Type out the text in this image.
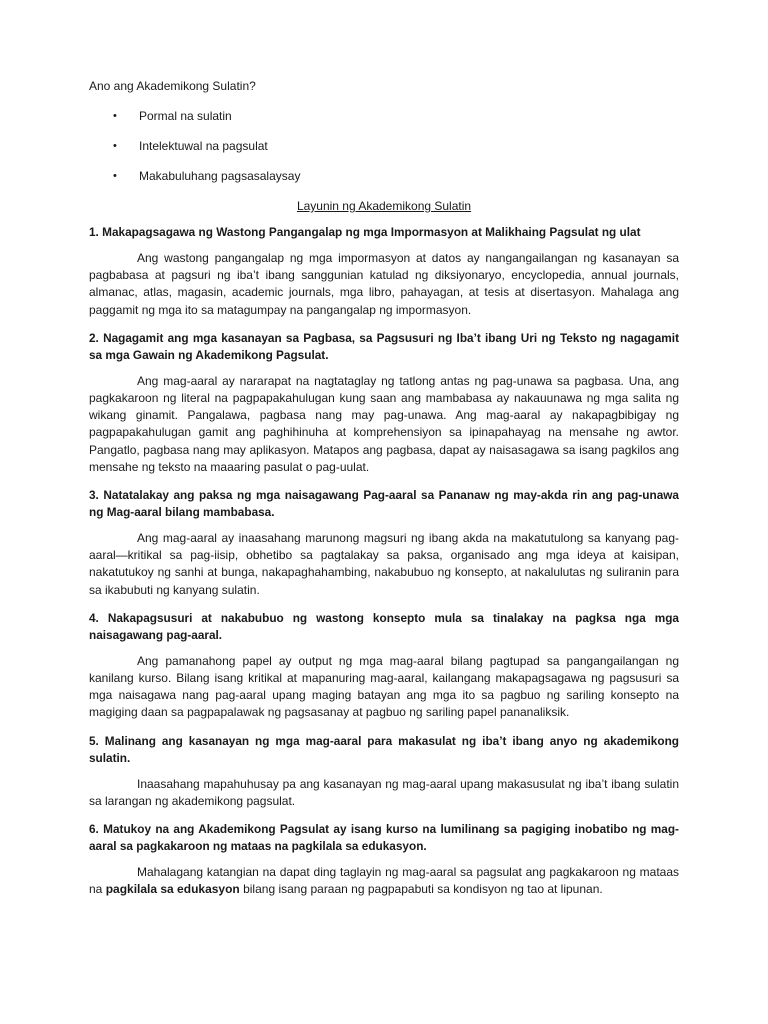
Ano ang Akademikong Sulatin?

•	Pormal na sulatin
•	Intelektuwal na pagsulat
•	Makabuluhang pagsasalaysay

Layunin ng Akademikong Sulatin

1. Makapagsagawa ng Wastong Pangangalap ng mga Impormasyon at Malikhaing Pagsulat ng ulat

Ang wastong pangangalap ng mga impormasyon at datos ay nangangailangan ng kasanayan sa pagbabasa at pagsuri ng iba’t ibang sanggunian katulad ng diksiyonaryo, encyclopedia, annual journals, almanac, atlas, magasin, academic journals, mga libro, pahayagan, at tesis at disertasyon. Mahalaga ang paggamit ng mga ito sa matagumpay na pangangalap ng impormasyon.

2. Nagagamit ang mga kasanayan sa Pagbasa, sa Pagsusuri ng Iba’t ibang Uri ng Teksto ng nagagamit sa mga Gawain ng Akademikong Pagsulat.

Ang mag-aaral ay nararapat na nagtataglay ng tatlong antas ng pag-unawa sa pagbasa. Una, ang pagkakaroon ng literal na pagpapakahulugan kung saan ang mambabasa ay nakauunawa ng mga salita ng wikang ginamit. Pangalawa, pagbasa nang may pag-unawa. Ang mag-aaral ay nakapagbibigay ng pagpapakahulugan gamit ang paghihinuha at komprehensiyon sa ipinapahayag na mensahe ng awtor. Pangatlo, pagbasa nang may aplikasyon. Matapos ang pagbasa, dapat ay naisasagawa sa isang pagkilos ang mensahe ng teksto na maaaring pasulat o pag-uulat.

3. Natatalakay ang paksa ng mga naisagawang Pag-aaral sa Pananaw ng may-akda rin ang pag-unawa ng Mag-aaral bilang mambabasa.

Ang mag-aaral ay inaasahang marunong magsuri ng ibang akda na makatutulong sa kanyang pag-aaral—kritikal sa pag-iisip, obhetibo sa pagtalakay sa paksa, organisado ang mga ideya at kaisipan, nakatutukoy ng sanhi at bunga, nakapaghahambing, nakabubuo ng konsepto, at nakalulutas ng suliranin para sa ikabubuti ng kanyang sulatin.

4. Nakapagsusuri at nakabubuo ng wastong konsepto mula sa tinalakay na pagksa nga mga naisagawang pag-aaral.

Ang pamanahong papel ay output ng mga mag-aaral bilang pagtupad sa pangangailangan ng kanilang kurso. Bilang isang kritikal at mapanuring mag-aaral, kailangang makapagsagawa ng pagsusuri sa mga naisagawa nang pag-aaral upang maging batayan ang mga ito sa pagbuo ng sariling konsepto na magiging daan sa pagpapalawak ng pagsasanay at pagbuo ng sariling papel pananaliksik.

5. Malinang ang kasanayan ng mga mag-aaral para makasulat ng iba’t ibang anyo ng akademikong sulatin.

Inaasahang mapahuhusay pa ang kasanayan ng mag-aaral upang makasusulat ng iba’t ibang sulatin sa larangan ng akademikong pagsulat.

6. Matukoy na ang Akademikong Pagsulat ay isang kurso na lumilinang sa pagiging inobatibo ng mag-aaral sa pagkakaroon ng mataas na pagkilala sa edukasyon.

Mahalagang katangian na dapat ding taglayin ng mag-aaral sa pagsulat ang pagkakaroon ng mataas na pagkilala sa edukasyon bilang isang paraan ng pagpapabuti sa kondisyon ng tao at lipunan.
